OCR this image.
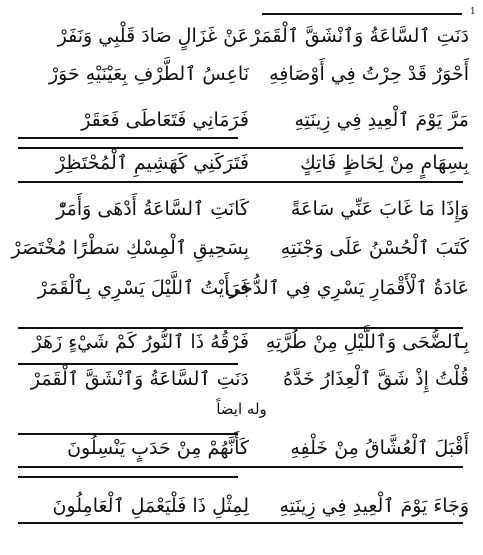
1
دَنَتِ ٱلسَّاعَةُ وَٱنْشَقَّ ٱلْقَمَرْ
عَنْ غَزَالٍ صَادَ قَلْبِي وَنَفَرْ
أَحْوَرٌ قَدْ حِرْتُ فِي أَوْصَافِهِ
نَاعِسُ ٱلطَّرْفِ بِعَيْنَيْهِ حَوَرْ
مَرَّ يَوْمَ ٱلْعِيدِ فِي زِينَتِهِ
فَرَمَانِي فَتَعَاطَى فَعَقَرْ
بِسِهَامٍ مِنْ لِحَاظٍ فَاتِكٍ
فَتَرَكَنِي كَهَشِيمِ ٱلْمُحْتَظِرْ
وَإِذَا مَا غَابَ عَنِّي سَاعَةً
كَانَتِ ٱلسَّاعَةُ أَدْهَى وَأَمَرّْ
كَتَبَ ٱلْحُسْنُ عَلَى وَجْنَتِهِ
بِسَحِيقِ ٱلْمِسْكِ سَطْرًا مُخْتَصَرْ
عَادَةُ ٱلْأَقْمَارِ يَسْرِي فِي ٱلدُّجَى
فَرَأَيْتُ ٱللَّيْلَ يَسْرِي بِٱلْقَمَرْ
بِٱلضُّحَى وَٱللَّيْلِ مِنْ طُرَّتِهِ
فَرْقُهُ ذَا ٱلنُّورُ كَمْ شَيْءٍ زَهَرْ
قُلْتُ إِذْ شَقَّ ٱلْعِذَارُ خَدَّهُ
دَنَتِ ٱلسَّاعَةُ وَٱنْشَقَّ ٱلْقَمَرْ
وله ايضاً
أَقْبَلَ ٱلْعُشَّاقُ مِنْ خَلْفِهِ
كَأَنَّهُمْ مِنْ حَدَبٍ يَنْسِلُونَ
وَجَاءَ يَوْمَ ٱلْعِيدِ فِي زِينَتِهِ
لِمِثْلِ ذَا فَلْيَعْمَلِ ٱلْعَامِلُونَ
